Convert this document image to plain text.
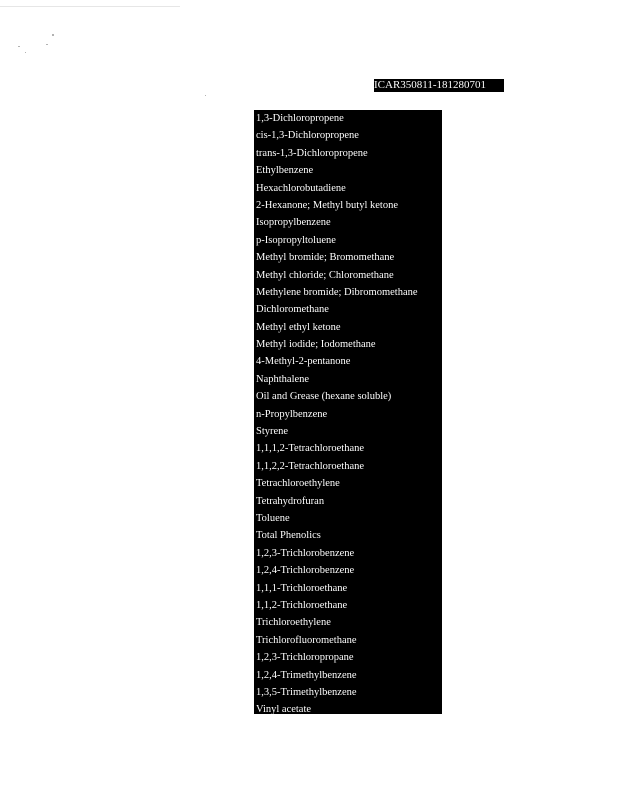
ICAR350811-181280701
1,3-Dichloropropene
cis-1,3-Dichloropropene
trans-1,3-Dichloropropene
Ethylbenzene
Hexachlorobutadiene
2-Hexanone; Methyl butyl ketone
Isopropylbenzene
p-Isopropyltoluene
Methyl bromide; Bromomethane
Methyl chloride; Chloromethane
Methylene bromide; Dibromomethane
Dichloromethane
Methyl ethyl ketone
Methyl iodide; Iodomethane
4-Methyl-2-pentanone
Naphthalene
Oil and Grease (hexane soluble)
n-Propylbenzene
Styrene
1,1,1,2-Tetrachloroethane
1,1,2,2-Tetrachloroethane
Tetrachloroethylene
Tetrahydrofuran
Toluene
Total Phenolics
1,2,3-Trichlorobenzene
1,2,4-Trichlorobenzene
1,1,1-Trichloroethane
1,1,2-Trichloroethane
Trichloroethylene
Trichlorofluoromethane
1,2,3-Trichloropropane
1,2,4-Trimethylbenzene
1,3,5-Trimethylbenzene
Vinyl acetate
